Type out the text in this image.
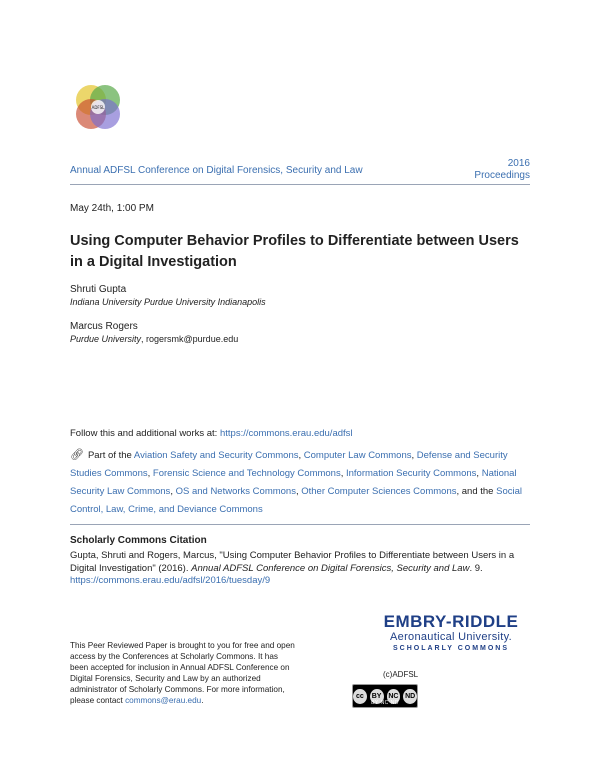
ADFSL
Annual ADFSL Conference on Digital Forensics, Security and Law
2016
Proceedings
May 24th, 1:00 PM
Using Computer Behavior Profiles to Differentiate between Users in a Digital Investigation
Shruti Gupta
Indiana University Purdue University Indianapolis
Marcus Rogers
Purdue University, rogersmk@purdue.edu
Follow this and additional works at: https://commons.erau.edu/adfsl
🔗︎ Part of the Aviation Safety and Security Commons, Computer Law Commons, Defense and Security Studies Commons, Forensic Science and Technology Commons, Information Security Commons, National Security Law Commons, OS and Networks Commons, Other Computer Sciences Commons, and the Social Control, Law, Crime, and Deviance Commons
Scholarly Commons Citation
Gupta, Shruti and Rogers, Marcus, "Using Computer Behavior Profiles to Differentiate between Users in a Digital Investigation" (2016). Annual ADFSL Conference on Digital Forensics, Security and Law. 9.
https://commons.erau.edu/adfsl/2016/tuesday/9
EMBRY-RIDDLE
Aeronautical University.
SCHOLARLY COMMONS
This Peer Reviewed Paper is brought to you for free and open access by the Conferences at Scholarly Commons. It has been accepted for inclusion in Annual ADFSL Conference on Digital Forensics, Security and Law by an authorized administrator of Scholarly Commons. For more information, please contact commons@erau.edu.
(c)ADFSL
cc	BY NC ND
BY NC ND
